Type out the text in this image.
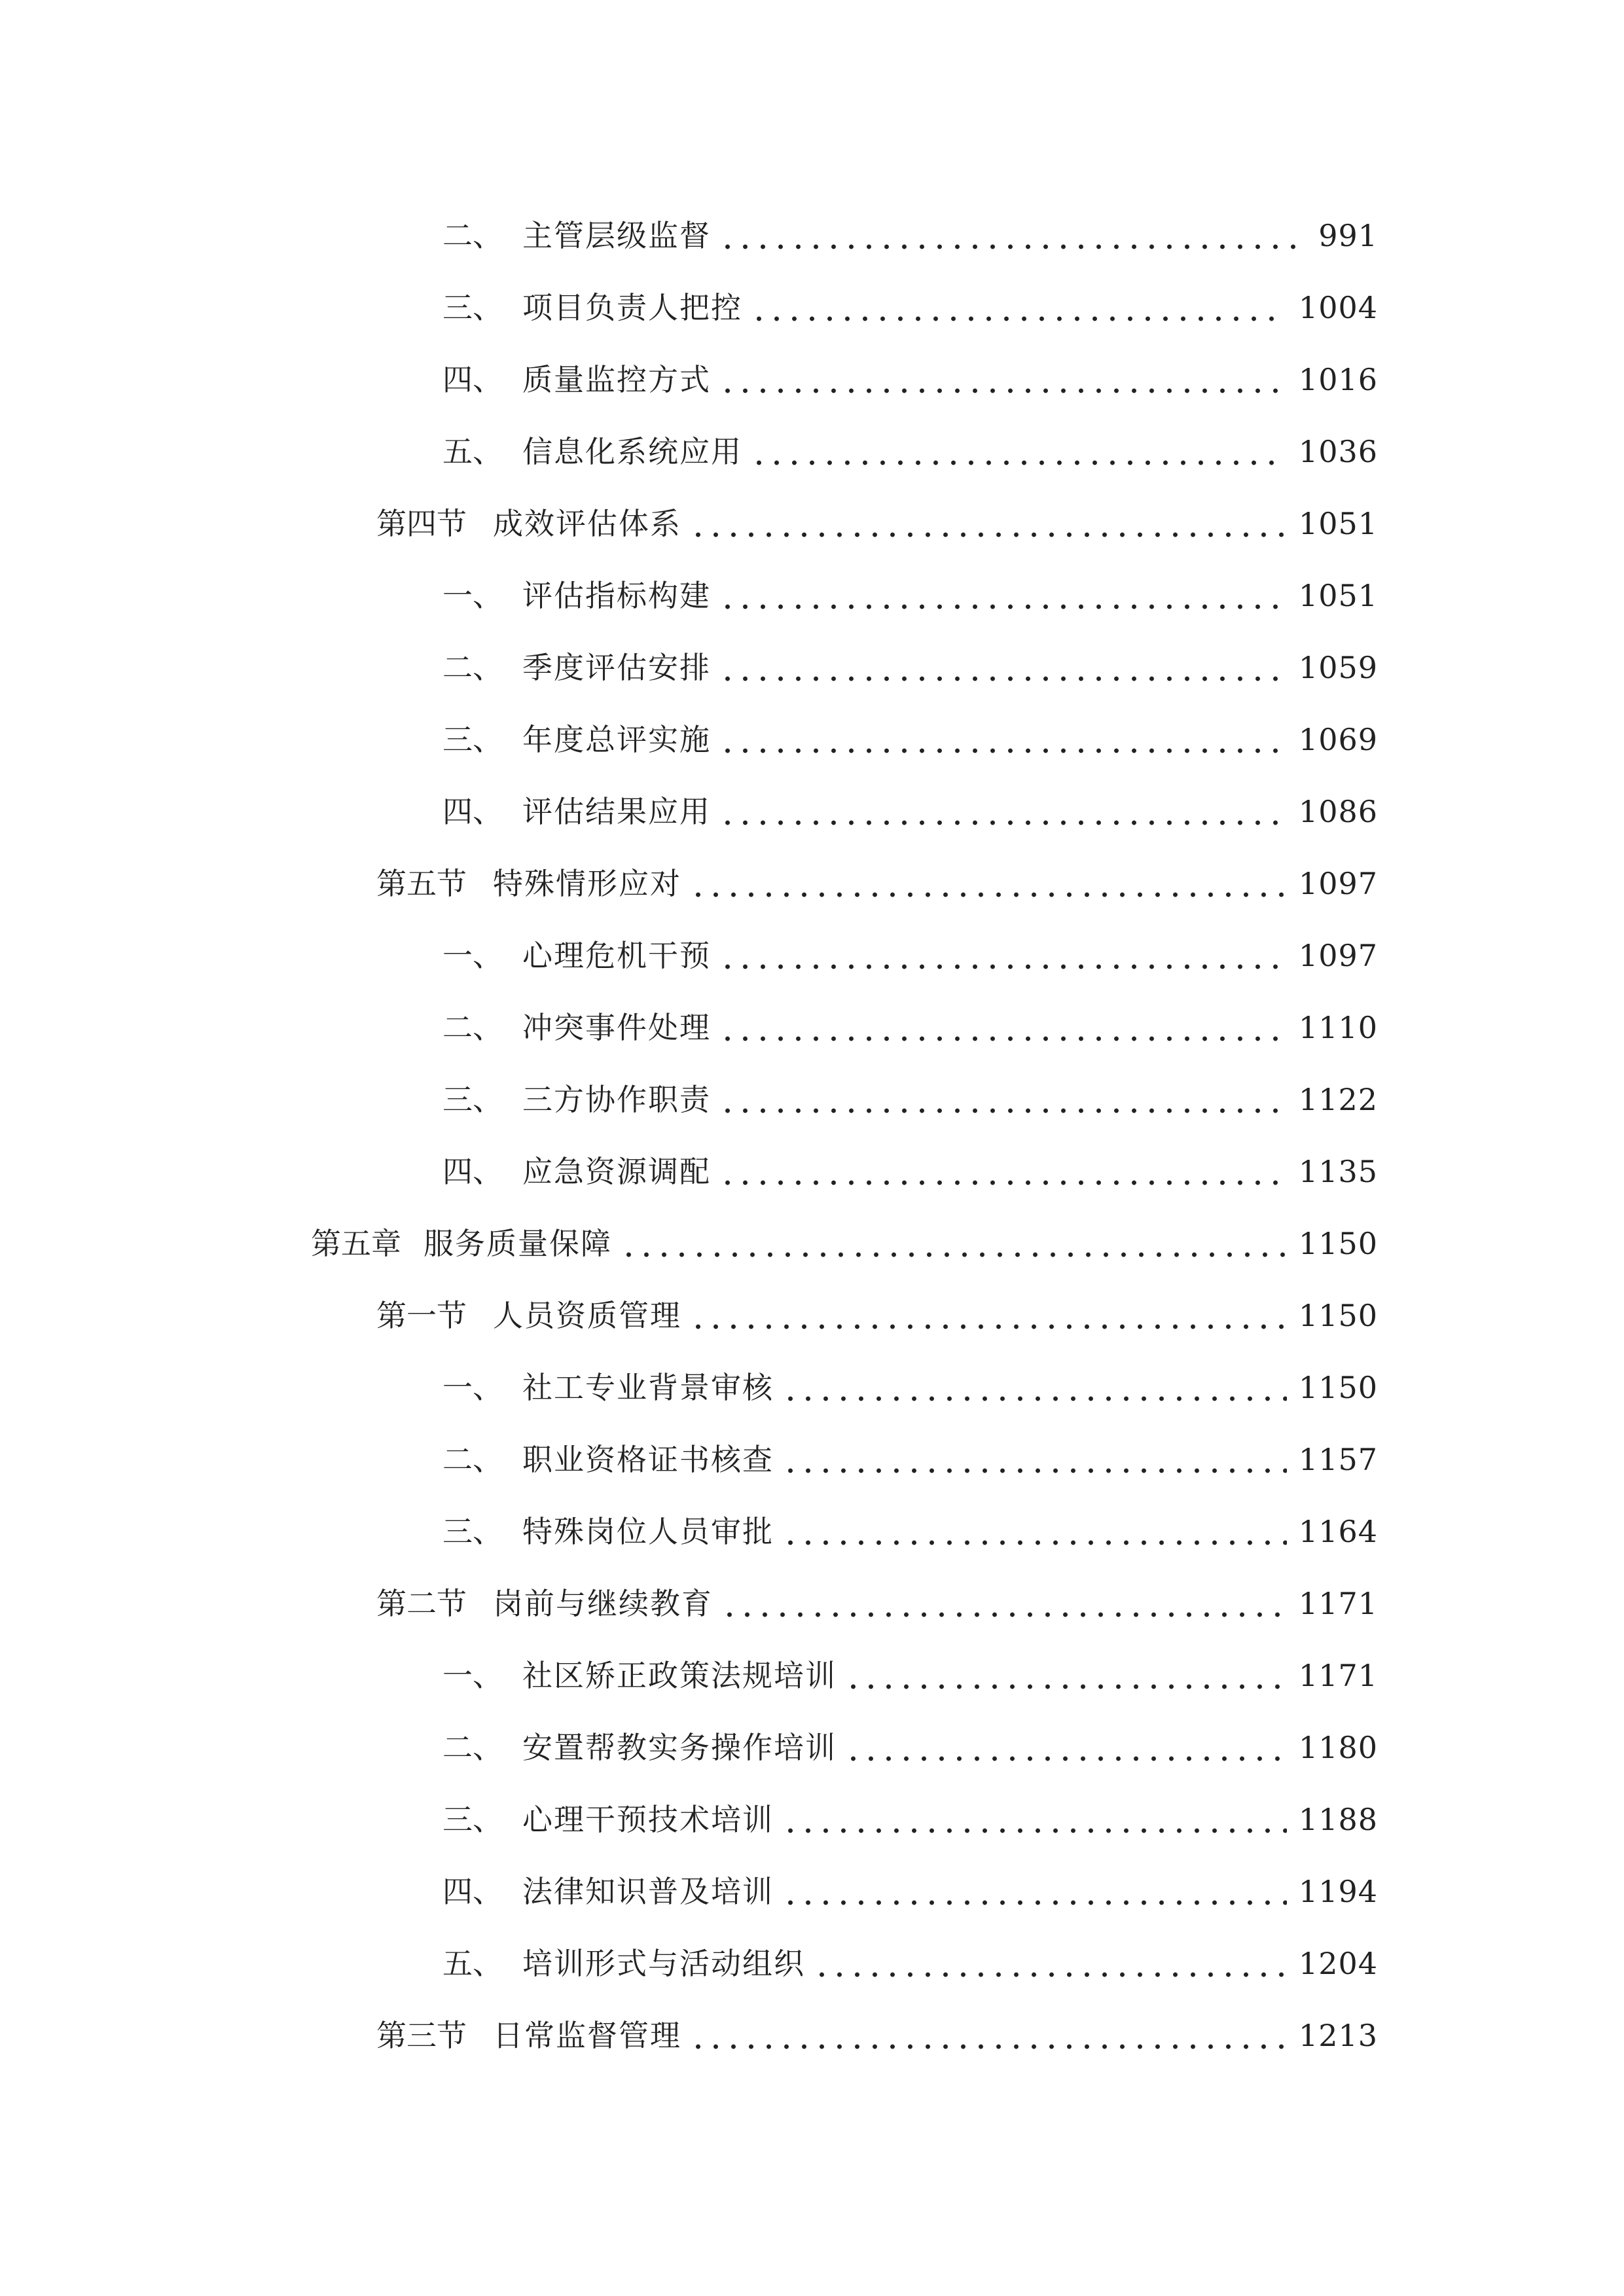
二、 主管层级监督	991
三、 项目负责人把控	1004
四、 质量监控方式	1016
五、 信息化系统应用	1036
第四节 成效评估体系	1051
一、 评估指标构建	1051
二、 季度评估安排	1059
三、 年度总评实施	1069
四、 评估结果应用	1086
第五节 特殊情形应对	1097
一、 心理危机干预	1097
二、 冲突事件处理	1110
三、 三方协作职责	1122
四、 应急资源调配	1135
第五章 服务质量保障	1150
第一节 人员资质管理	1150
一、 社工专业背景审核	1150
二、 职业资格证书核查	1157
三、 特殊岗位人员审批	1164
第二节 岗前与继续教育	1171
一、 社区矫正政策法规培训	1171
二、 安置帮教实务操作培训	1180
三、 心理干预技术培训	1188
四、 法律知识普及培训	1194
五、 培训形式与活动组织	1204
第三节 日常监督管理	1213
